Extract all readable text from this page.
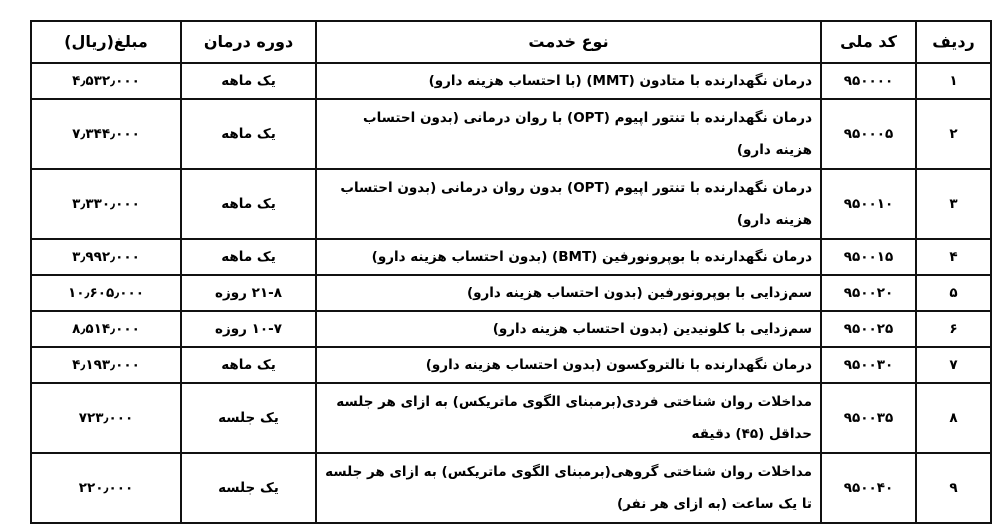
ردیف	کد ملی	نوع خدمت	دوره درمان	مبلغ(ریال)
۱	۹۵۰۰۰۰	درمان نگهدارنده با متادون (MMT) (با احتساب هزینه دارو)	یک ماهه	۴٫۵۳۲٫۰۰۰
۲	۹۵۰۰۰۵	درمان نگهدارنده با تنتور اپیوم (OPT) با روان درمانی (بدون احتساب هزینه دارو)	یک ماهه	۷٫۳۴۴٫۰۰۰
۳	۹۵۰۰۱۰	درمان نگهدارنده با تنتور اپیوم (OPT) بدون روان درمانی (بدون احتساب هزینه دارو)	یک ماهه	۳٫۳۳۰٫۰۰۰
۴	۹۵۰۰۱۵	درمان نگهدارنده با بوپرونورفین (BMT) (بدون احتساب هزینه دارو)	یک ماهه	۳٫۹۹۲٫۰۰۰
۵	۹۵۰۰۲۰	سم‌زدایی با بوپرونورفین (بدون احتساب هزینه دارو)	۲۱-۸ روزه	۱۰٫۶۰۵٫۰۰۰
۶	۹۵۰۰۲۵	سم‌زدایی با کلونیدین (بدون احتساب هزینه دارو)	۱۰-۷ روزه	۸٫۵۱۴٫۰۰۰
۷	۹۵۰۰۳۰	درمان نگهدارنده با نالتروکسون (بدون احتساب هزینه دارو)	یک ماهه	۴٫۱۹۳٫۰۰۰
۸	۹۵۰۰۳۵	مداخلات روان شناختی فردی(برمبنای الگوی ماتریکس) به ازای هر جلسه حداقل (۴۵) دقیقه	یک جلسه	۷۲۳٫۰۰۰
۹	۹۵۰۰۴۰	مداخلات روان شناختی گروهی(برمبنای الگوی ماتریکس) به ازای هر جلسه تا یک ساعت (به ازای هر نفر)	یک جلسه	۲۲۰٫۰۰۰
